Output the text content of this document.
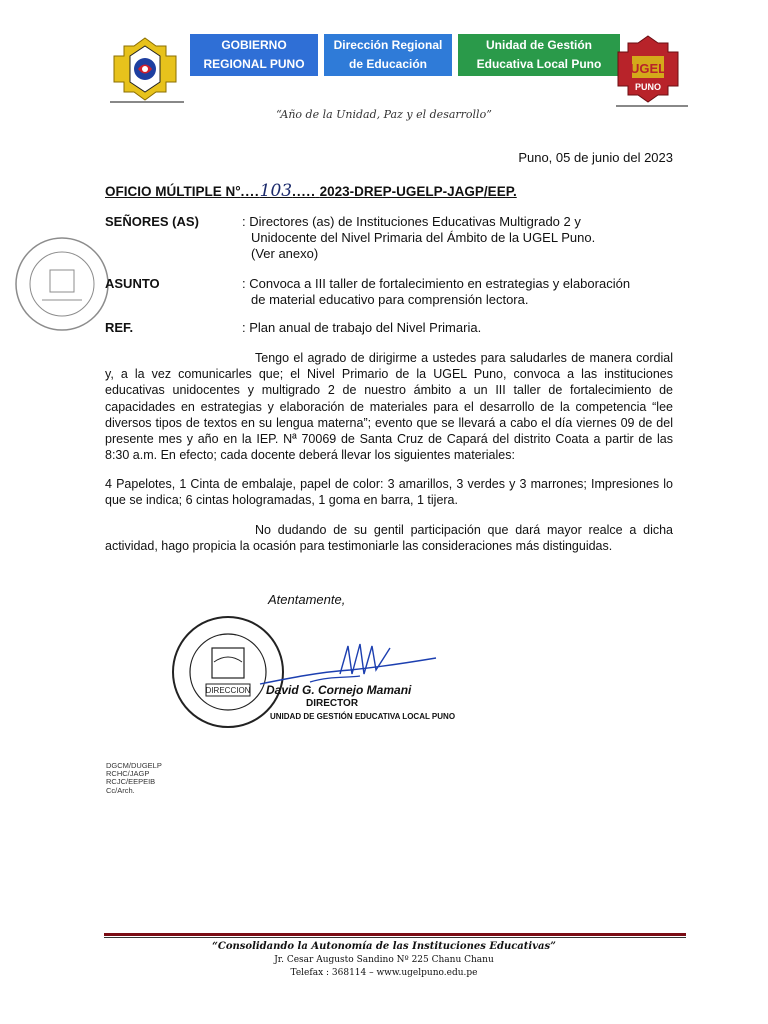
GOBIERNO
REGIONAL PUNO
Dirección Regional
de Educación
Unidad de Gestión
Educativa Local Puno UGEL
PUNO
“Año de la Unidad, Paz y el desarrollo”
Puno, 05 de junio del 2023
OFICIO MÚLTIPLE N°....103..... 2023-DREP-UGELP-JAGP/EEP.
SEÑORES (AS)	: Directores (as) de Instituciones Educativas Multigrado 2 y
Unidocente del Nivel Primaria del Ámbito de la UGEL Puno.
(Ver anexo)
ASUNTO	: Convoca a III taller de fortalecimiento en estrategias y elaboración
de material educativo para comprensión lectora.
REF.	: Plan anual de trabajo del Nivel Primaria.
Tengo el agrado de dirigirme a ustedes para saludarles de manera cordial y, a la vez comunicarles que; el Nivel Primario de la UGEL Puno, convoca a las instituciones educativas unidocentes y multigrado 2 de nuestro ámbito a un III taller de fortalecimiento de capacidades en estrategias y elaboración de materiales para el desarrollo de la competencia “lee diversos tipos de textos en su lengua materna”; evento que se llevará a cabo el día viernes 09 de del presente mes y año en la IEP. Nª 70069 de Santa Cruz de Capará del distrito Coata a partir de las 8:30 a.m. En efecto; cada docente deberá llevar los siguientes materiales:
4 Papelotes, 1 Cinta de embalaje, papel de color: 3 amarillos, 3 verdes y 3 marrones; Impresiones lo que se indica; 6 cintas hologramadas, 1 goma en barra, 1 tijera.
No dudando de su gentil participación que dará mayor realce a dicha actividad, hago propicia la ocasión para testimoniarle las consideraciones más distinguidas.
Atentamente,
DIRECCION David G. Cornejo Mamani
DIRECTOR
UNIDAD DE GESTIÓN EDUCATIVA LOCAL PUNO
DGCM/DUGELP
RCHC/JAGP
RCJC/EEPEIB
Cc/Arch.
“Consolidando la Autonomía de las Instituciones Educativas”
Jr. Cesar Augusto Sandino Nº 225 Chanu Chanu
Telefax : 368114 – www.ugelpuno.edu.pe
